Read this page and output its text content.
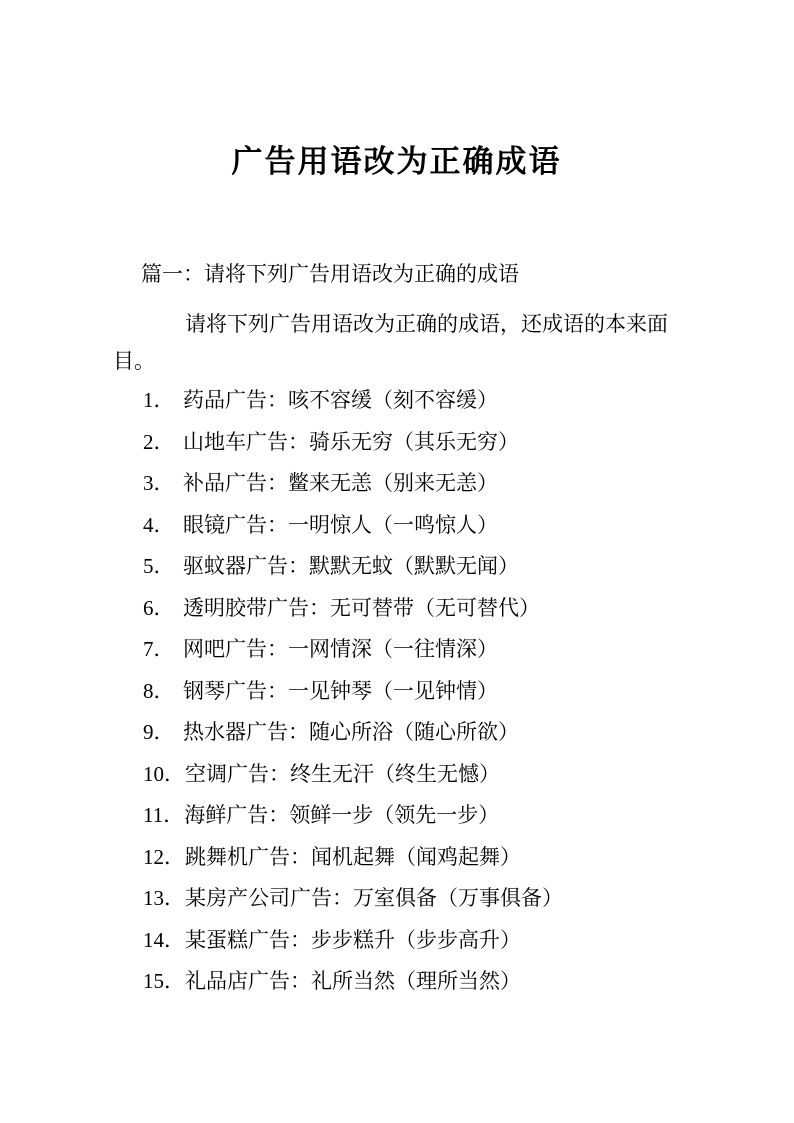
广告用语改为正确成语

篇一：请将下列广告用语改为正确的成语

请将下列广告用语改为正确的成语，还成语的本来面目。

1． 药品广告：咳不容缓（刻不容缓）
2． 山地车广告：骑乐无穷（其乐无穷）
3． 补品广告：鳖来无恙（别来无恙）
4． 眼镜广告：一明惊人（一鸣惊人）
5． 驱蚊器广告：默默无蚊（默默无闻）
6． 透明胶带广告：无可替带（无可替代）
7． 网吧广告：一网情深（一往情深）
8． 钢琴广告：一见钟琴（一见钟情）
9． 热水器广告：随心所浴（随心所欲）
10．空调广告：终生无汗（终生无憾）
11．海鲜广告：领鲜一步（领先一步）
12．跳舞机广告：闻机起舞（闻鸡起舞）
13．某房产公司广告：万室俱备（万事俱备）
14．某蛋糕广告：步步糕升（步步高升）
15．礼品店广告：礼所当然（理所当然）
